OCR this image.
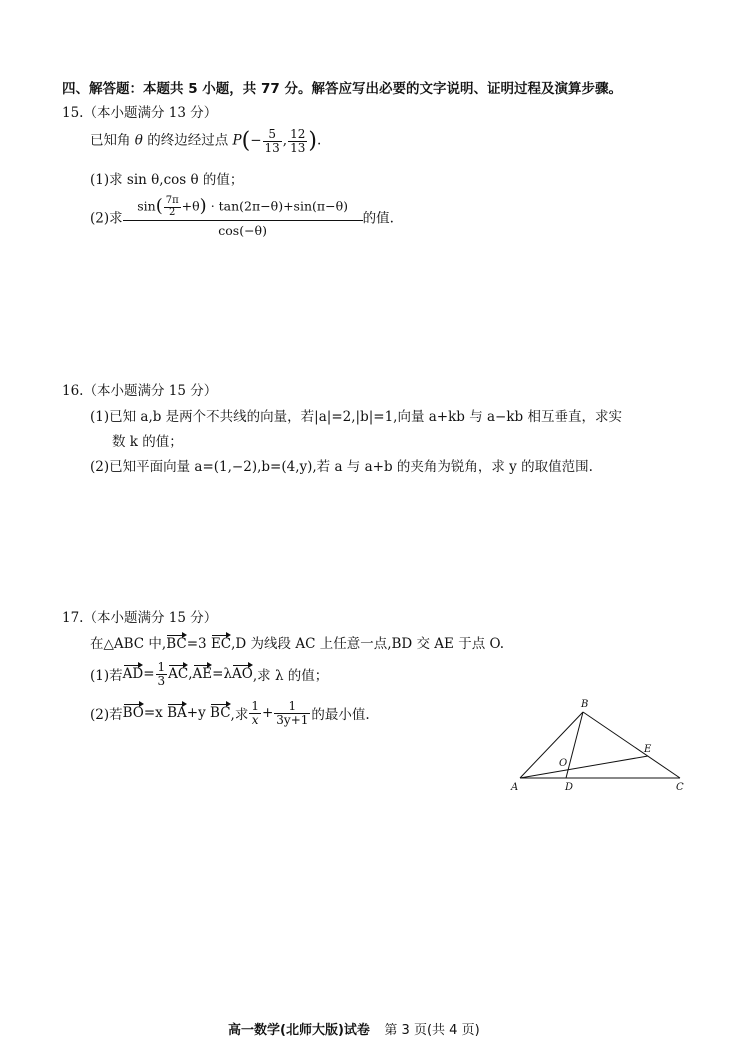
四、解答题：本题共 5 小题，共 77 分。解答应写出必要的文字说明、证明过程及演算步骤。
15.（本小题满分 13 分）
已知角 θ 的终边经过点 $P(- \frac{5}{13}$ , $\frac{12}{13}$ ).
(1)求 sin θ,cos θ 的值；
(2)求 $\frac{\sin( \frac{7\pi}{2} +\theta) \cdot \tan(2\pi-\theta)+\sin(\pi-\theta)}{\cos(-\theta)}$ 的值.
16.（本小题满分 15 分）
(1)已知 a,b 是两个不共线的向量，若|a|=2,|b|=1,向量 a+kb 与 a−kb 相互垂直，求实
数 k 的值；
(2)已知平面向量 a=(1,−2),b=(4,y),若 a 与 a+b 的夹角为锐角，求 y 的取值范围.
17.（本小题满分 15 分）
在△ABC 中,BC=3 EC,D 为线段 AC 上任意一点,BD 交 AE 于点 O.
(1)若$AD= \frac{1}{3} AC,AE=\lambda AO$,求 λ 的值；
(2)若BO=x BA+y BC,求 $\frac{1}{x} + \frac{1}{3y+1}$ 的最小值.
A
B
C
D
E
O
高一数学(北师大版)试卷 第 3 页(共 4 页)
